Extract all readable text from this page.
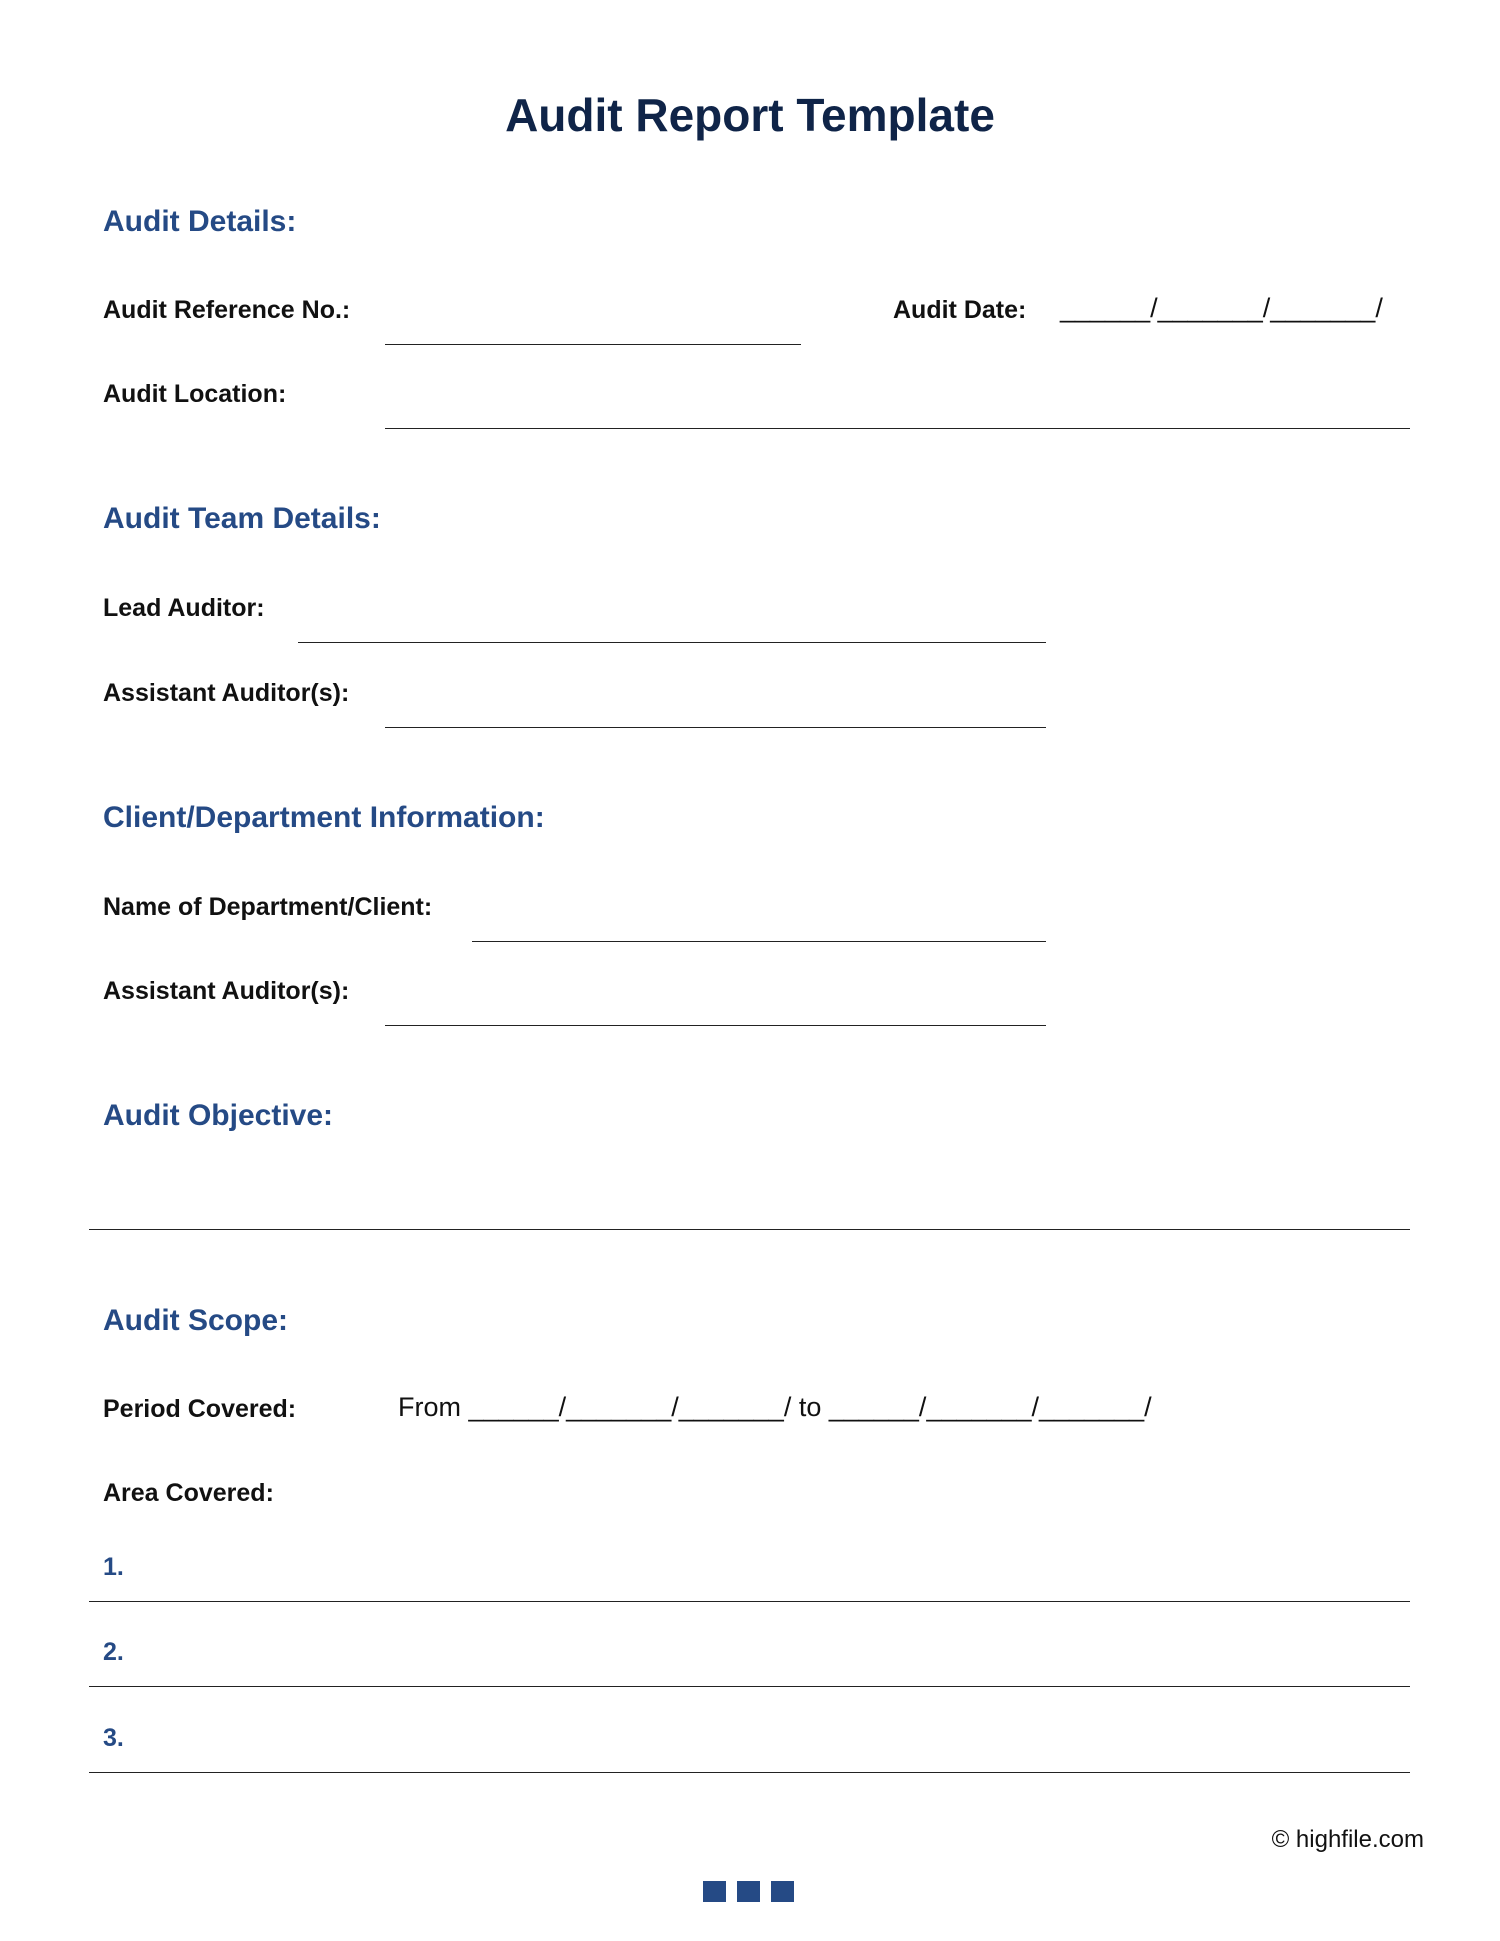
Audit Report Template
Audit Details:
Audit Reference No.:	Audit Date: ______/_______/_______/
Audit Location:
Audit Team Details:
Lead Auditor:
Assistant Auditor(s):
Client/Department Information:
Name of Department/Client:
Assistant Auditor(s):
Audit Objective:
Audit Scope:
Period Covered:	From ______/_______/_______/ to ______/_______/_______/
Area Covered:
1.
2.
3.
© highfile.com
